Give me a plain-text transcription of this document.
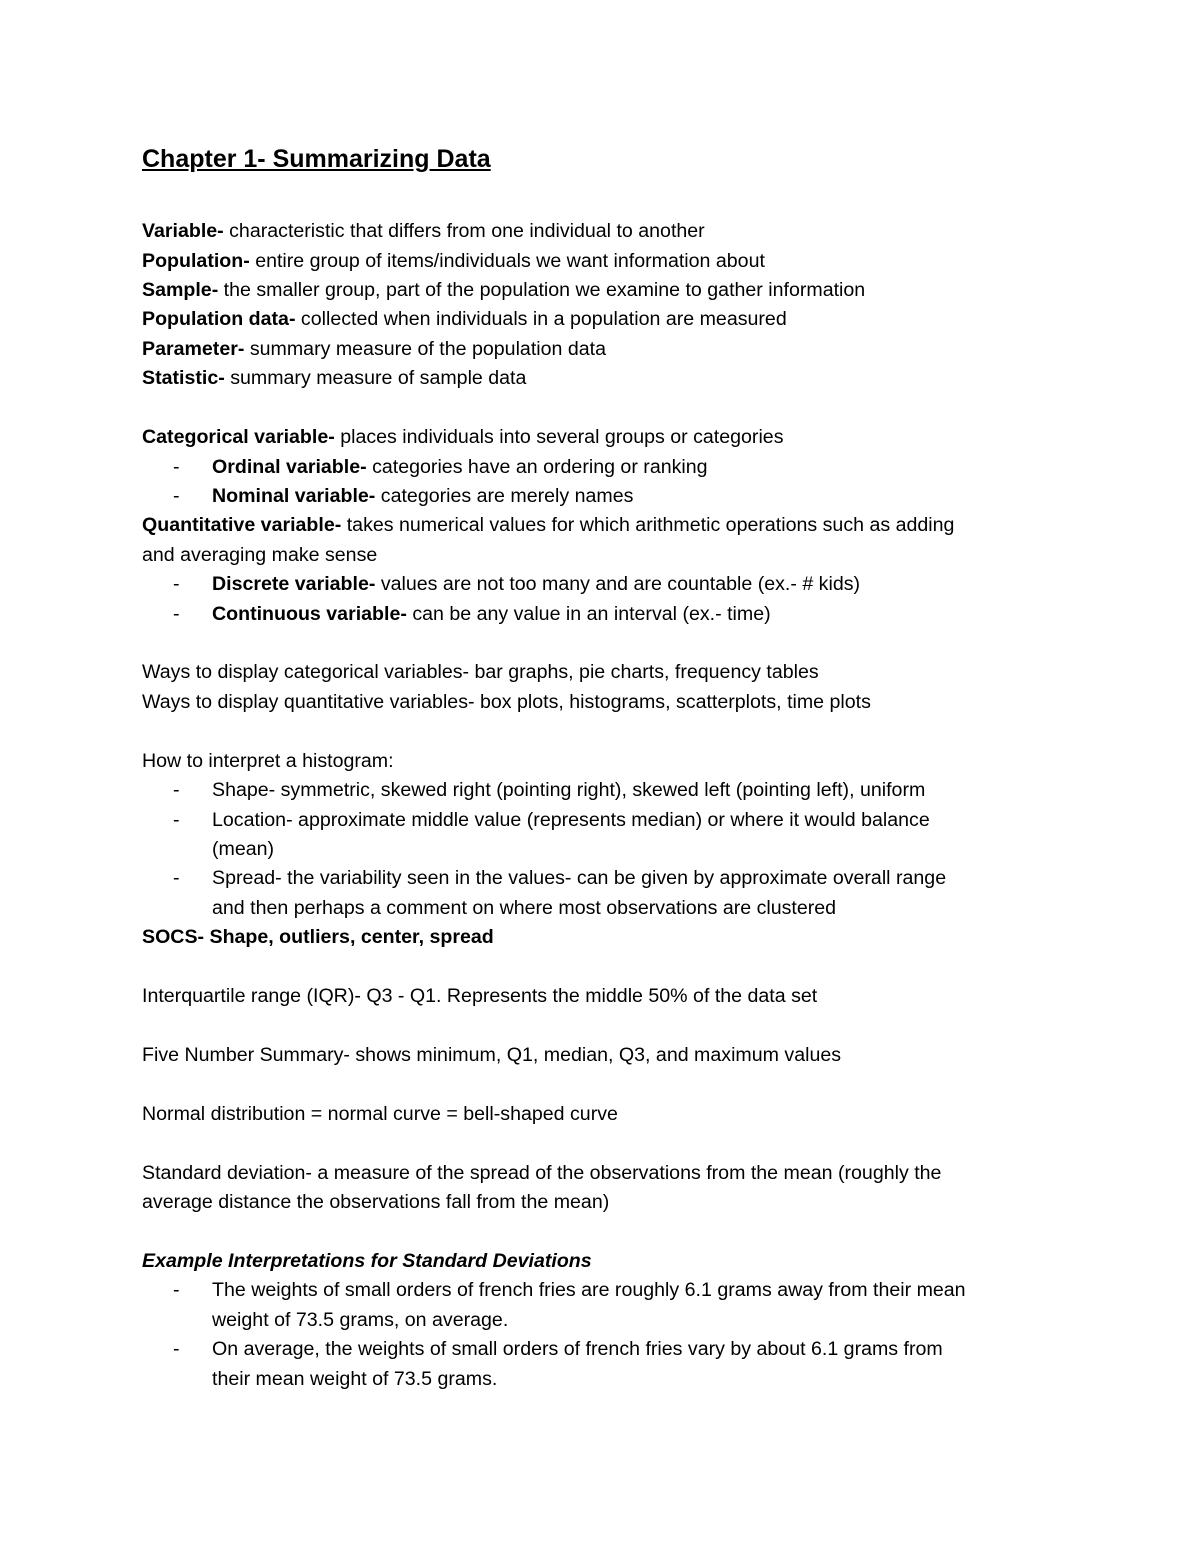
Chapter 1- Summarizing Data
Variable- characteristic that differs from one individual to another
Population- entire group of items/individuals we want information about
Sample- the smaller group, part of the population we examine to gather information
Population data- collected when individuals in a population are measured
Parameter- summary measure of the population data
Statistic- summary measure of sample data
Categorical variable- places individuals into several groups or categories
- Ordinal variable- categories have an ordering or ranking
- Nominal variable- categories are merely names
Quantitative variable- takes numerical values for which arithmetic operations such as adding
and averaging make sense
- Discrete variable- values are not too many and are countable (ex.- # kids)
- Continuous variable- can be any value in an interval (ex.- time)
Ways to display categorical variables- bar graphs, pie charts, frequency tables
Ways to display quantitative variables- box plots, histograms, scatterplots, time plots
How to interpret a histogram:
- Shape- symmetric, skewed right (pointing right), skewed left (pointing left), uniform
- Location- approximate middle value (represents median) or where it would balance
(mean)
- Spread- the variability seen in the values- can be given by approximate overall range
and then perhaps a comment on where most observations are clustered
SOCS- Shape, outliers, center, spread
Interquartile range (IQR)- Q3 - Q1. Represents the middle 50% of the data set
Five Number Summary- shows minimum, Q1, median, Q3, and maximum values
Normal distribution = normal curve = bell-shaped curve
Standard deviation- a measure of the spread of the observations from the mean (roughly the
average distance the observations fall from the mean)
Example Interpretations for Standard Deviations
- The weights of small orders of french fries are roughly 6.1 grams away from their mean
weight of 73.5 grams, on average.
- On average, the weights of small orders of french fries vary by about 6.1 grams from
their mean weight of 73.5 grams.
